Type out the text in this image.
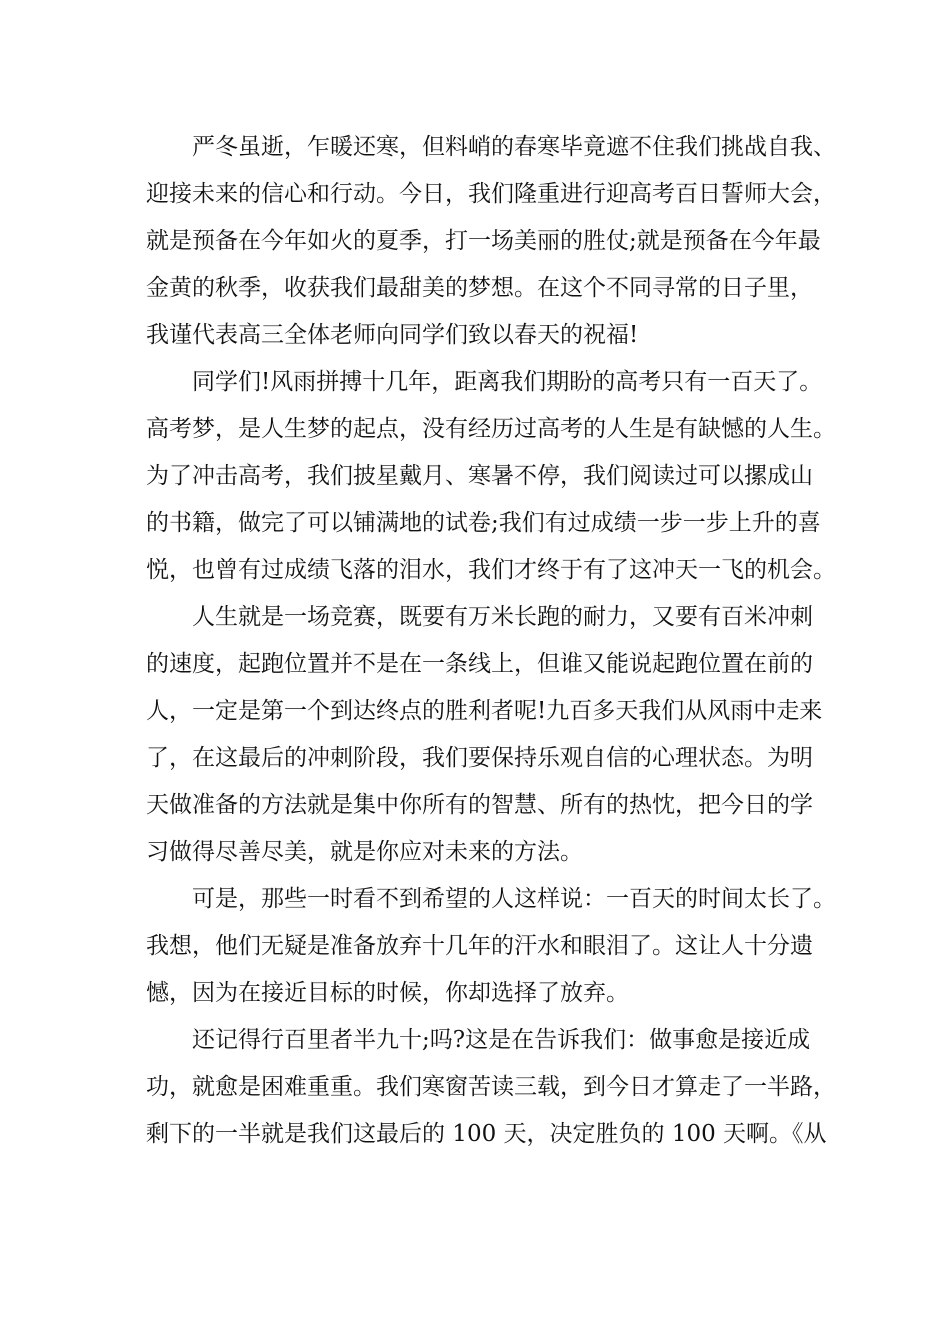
严冬虽逝，乍暖还寒，但料峭的春寒毕竟遮不住我们挑战自我、
迎接未来的信心和行动。今日，我们隆重进行迎高考百日誓师大会，
就是预备在今年如火的夏季，打一场美丽的胜仗;就是预备在今年最
金黄的秋季，收获我们最甜美的梦想。在这个不同寻常的日子里，
我谨代表高三全体老师向同学们致以春天的祝福!
同学们!风雨拼搏十几年，距离我们期盼的高考只有一百天了。
高考梦，是人生梦的起点，没有经历过高考的人生是有缺憾的人生。
为了冲击高考，我们披星戴月、寒暑不停，我们阅读过可以摞成山
的书籍，做完了可以铺满地的试卷;我们有过成绩一步一步上升的喜
悦，也曾有过成绩飞落的泪水，我们才终于有了这冲天一飞的机会。
人生就是一场竞赛，既要有万米长跑的耐力，又要有百米冲刺
的速度，起跑位置并不是在一条线上，但谁又能说起跑位置在前的
人，一定是第一个到达终点的胜利者呢!九百多天我们从风雨中走来
了，在这最后的冲刺阶段，我们要保持乐观自信的心理状态。为明
天做准备的方法就是集中你所有的智慧、所有的热忱，把今日的学
习做得尽善尽美，就是你应对未来的方法。
可是，那些一时看不到希望的人这样说：一百天的时间太长了。
我想，他们无疑是准备放弃十几年的汗水和眼泪了。这让人十分遗
憾，因为在接近目标的时候，你却选择了放弃。
还记得行百里者半九十;吗?这是在告诉我们：做事愈是接近成
功，就愈是困难重重。我们寒窗苦读三载，到今日才算走了一半路，
剩下的一半就是我们这最后的 100 天，决定胜负的 100 天啊。《从
